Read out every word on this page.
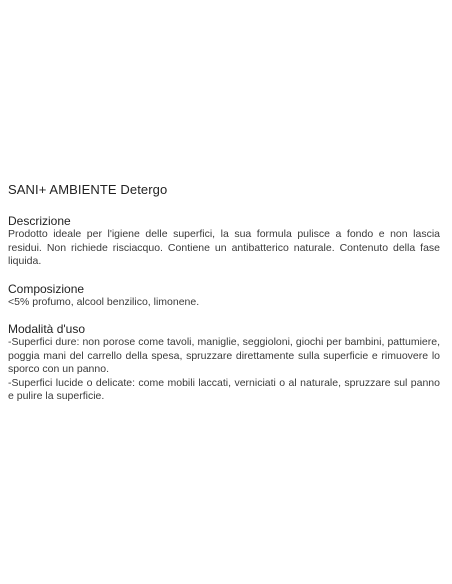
SANI+ AMBIENTE Detergo
Descrizione

Prodotto ideale per l'igiene delle superfici, la sua formula pulisce a fondo e non lascia residui. Non richiede risciacquo. Contiene un antibatterico naturale. Contenuto della fase liquida.

Composizione

<5% profumo, alcool benzilico, limonene.

Modalità d'uso

-Superfici dure: non porose come tavoli, maniglie, seggioloni, giochi per bambini, pattumiere, poggia mani del carrello della spesa, spruzzare direttamente sulla superficie e rimuovere lo sporco con un panno.
-Superfici lucide o delicate: come mobili laccati, verniciati o al naturale, spruzzare sul panno e pulire la superficie.
